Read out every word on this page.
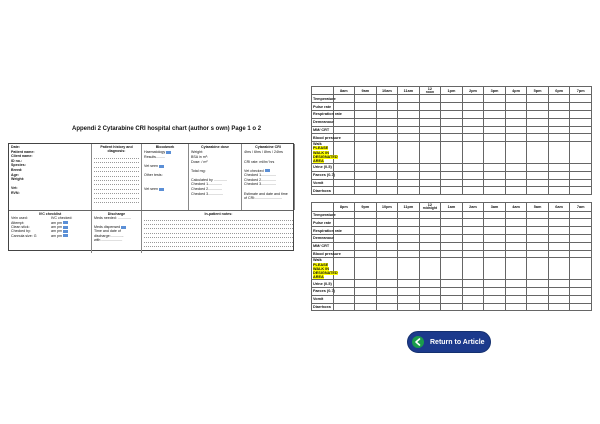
Appendi 2 Cytarabine CRI hospital chart (author s own) Page 1 o 2
Date:
Patient name:
Client name:
ID no.:
Species:
Breed:
Age:
Weight:
Vet:
RVN:
Patient history and diagnosis:
Bloodwork
Haematology
Results.........
Vet seen
Other tests:
Vet seen
Cytarabine dose
Weight:
BSA in m²:
Dose: / m²
Total mg:
Calculated by .............
Checked 1..............
Checked 2..............
Checked 3...............
Cytarabine CRI
4hrs / 6hrs / 8hrs / 24hrs
CRI rate: ml/hr/ hrs
Vet checked
Checked 1...............
Checked 2...............
Checked 3...............
Estimate and date and time
of CRI:...........................
IVC checklist
Vein used:	IVC checked:
Attempt:	am pm
Clean stick:	am pm
Checked by:	am pm
Cannula size: G	am pm
Discharge
Meds needed: .............
Meds dispensed
Time and date of
discharge:.............
with .....................
In-patient notes:
	8am	9am	10am	11am	12
noon	1pm	2pm	3pm	4pm	5pm	6pm	7pm
Temperature												
Pulse rate												
Respiration rate												
Demeanour												
MM/ CRT												
Blood pressure												
Walk PLEASE WALK IN DESIGNATED AREA												
Urine (0-5)												
Faeces (0-7)												
Vomit												
Diarrhoea												

	8pm	9pm	10pm	11pm	12
midnight	1am	2am	3am	4am	5am	6am	7am
Temperature												
Pulse rate												
Respiration rate												
Demeanour												
MM/ CRT												
Blood pressure												
Walk PLEASE WALK IN DESIGNATED AREA												
Urine (0-5)												
Faeces (0-7)												
Vomit												
Diarrhoea												
Return to Article
